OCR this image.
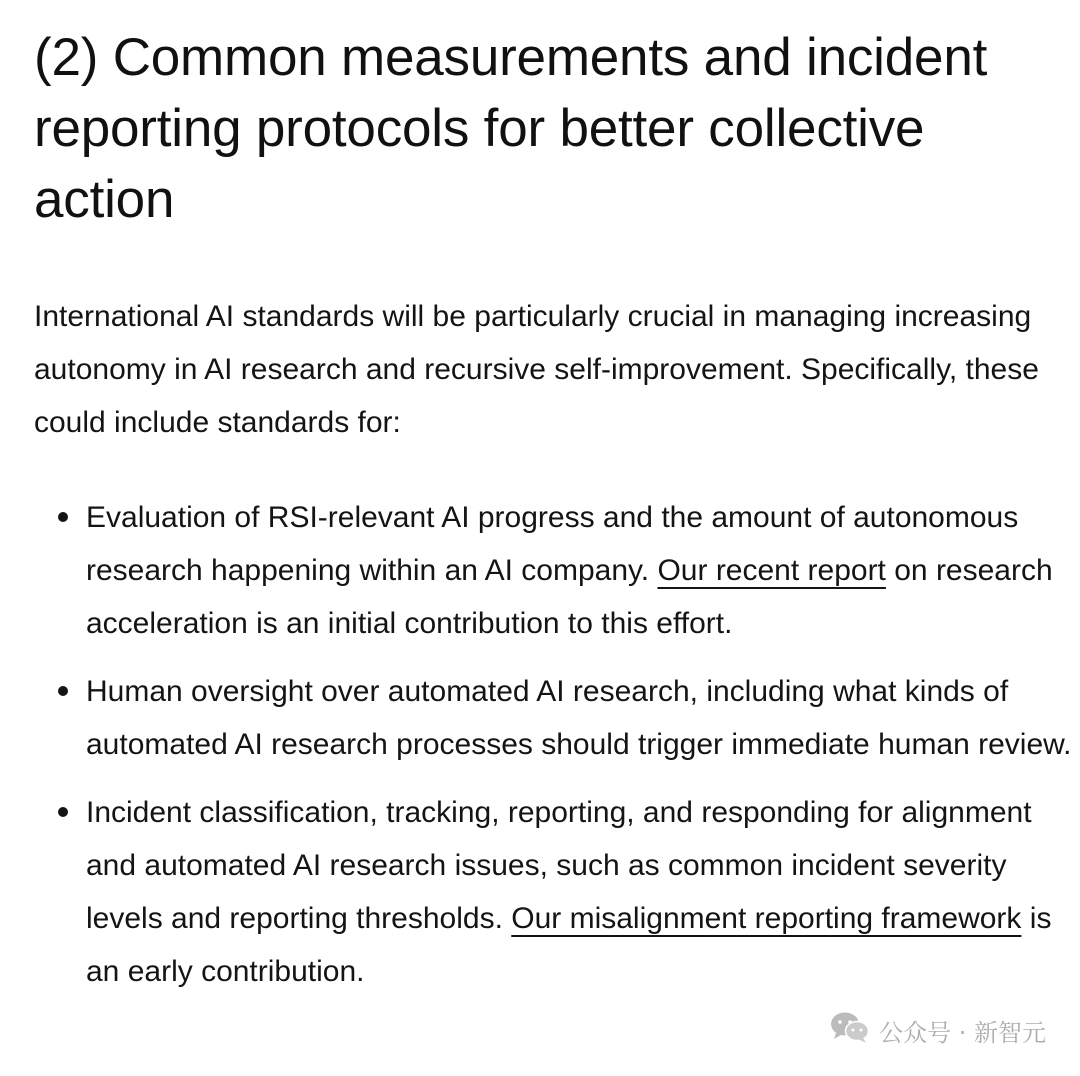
(2) Common measurements and incident reporting protocols for better collective action

International AI standards will be particularly crucial in managing increasing autonomy in AI research and recursive self-improvement. Specifically, these could include standards for:

Evaluation of RSI-relevant AI progress and the amount of autonomous research happening within an AI company. Our recent report on research acceleration is an initial contribution to this effort.
Human oversight over automated AI research, including what kinds of automated AI research processes should trigger immediate human review.
Incident classification, tracking, reporting, and responding for alignment and automated AI research issues, such as common incident severity levels and reporting thresholds. Our misalignment reporting framework is an early contribution.
公众号 · 新智元
